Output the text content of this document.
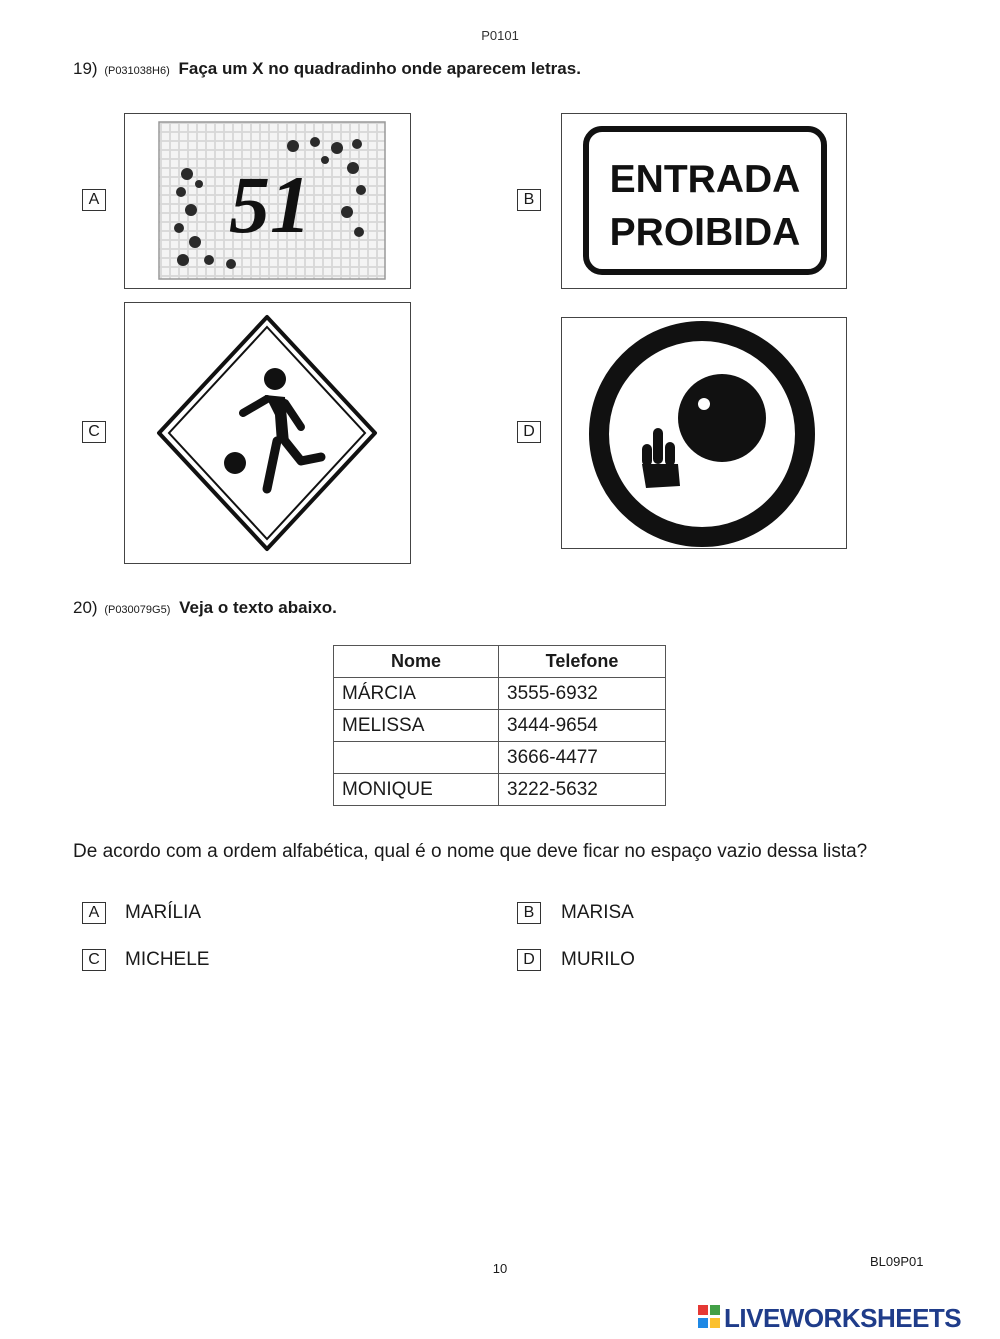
P0101
19) (P031038H6) Faça um X no quadradinho onde aparecem letras.
A 51	B ENTRADA
PROIBIDA
C	D
20) (P030079G5) Veja o texto abaixo.
Nome	Telefone
MÁRCIA	3555-6932
MELISSA	3444-9654
	3666-4477
MONIQUE	3222-5632
De acordo com a ordem alfabética, qual é o nome que deve ficar no espaço vazio dessa lista?
A	MARÍLIA	B	MARISA
C	MICHELE	D	MURILO
10	BL09P01
LIVEWORKSHEETS
